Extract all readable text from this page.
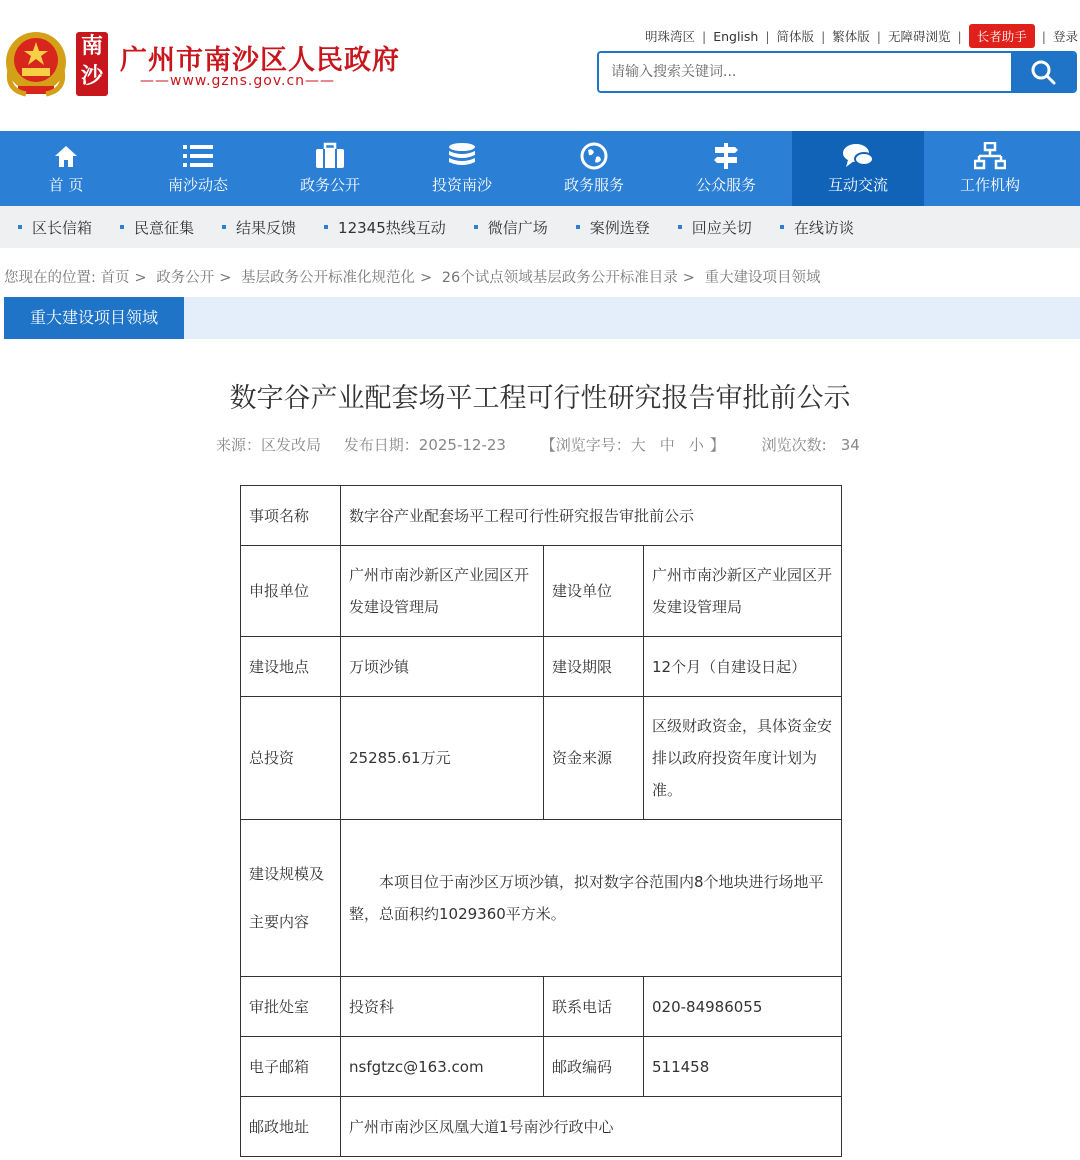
南
沙
广州市南沙区人民政府
——www.gzns.gov.cn——
明珠湾区 | English | 简体版 | 繁体版 | 无障碍浏览 |	长者助手	| 登录
请输入搜索关键词...
首 页	南沙动态	政务公开	投资南沙	政务服务	公众服务	互动交流	工作机构
区长信箱	民意征集	结果反馈	12345热线互动	微信广场	案例选登	回应关切	在线访谈
您现在的位置: 首页 > 政务公开 > 基层政务公开标准化规范化 > 26个试点领域基层政务公开标准目录 > 重大建设项目领域
重大建设项目领域
数字谷产业配套场平工程可行性研究报告审批前公示
来源：区发改局 发布日期：2025-12-23 【浏览字号：大 中 小 】 浏览次数: 34
事项名称	数字谷产业配套场平工程可行性研究报告审批前公示		
申报单位	广州市南沙新区产业园区开发建设管理局	建设单位	广州市南沙新区产业园区开发建设管理局
建设地点	万顷沙镇	建设期限	12个月（自建设日起）
总投资	25285.61万元	资金来源	区级财政资金，具体资金安排以政府投资年度计划为准。
建设规模及主要内容	本项目位于南沙区万顷沙镇，拟对数字谷范围内8个地块进行场地平整，总面积约1029360平方米。		
审批处室	投资科	联系电话	020-84986055
电子邮箱	nsfgtzc@163.com	邮政编码	511458
邮政地址	广州市南沙区凤凰大道1号南沙行政中心		
